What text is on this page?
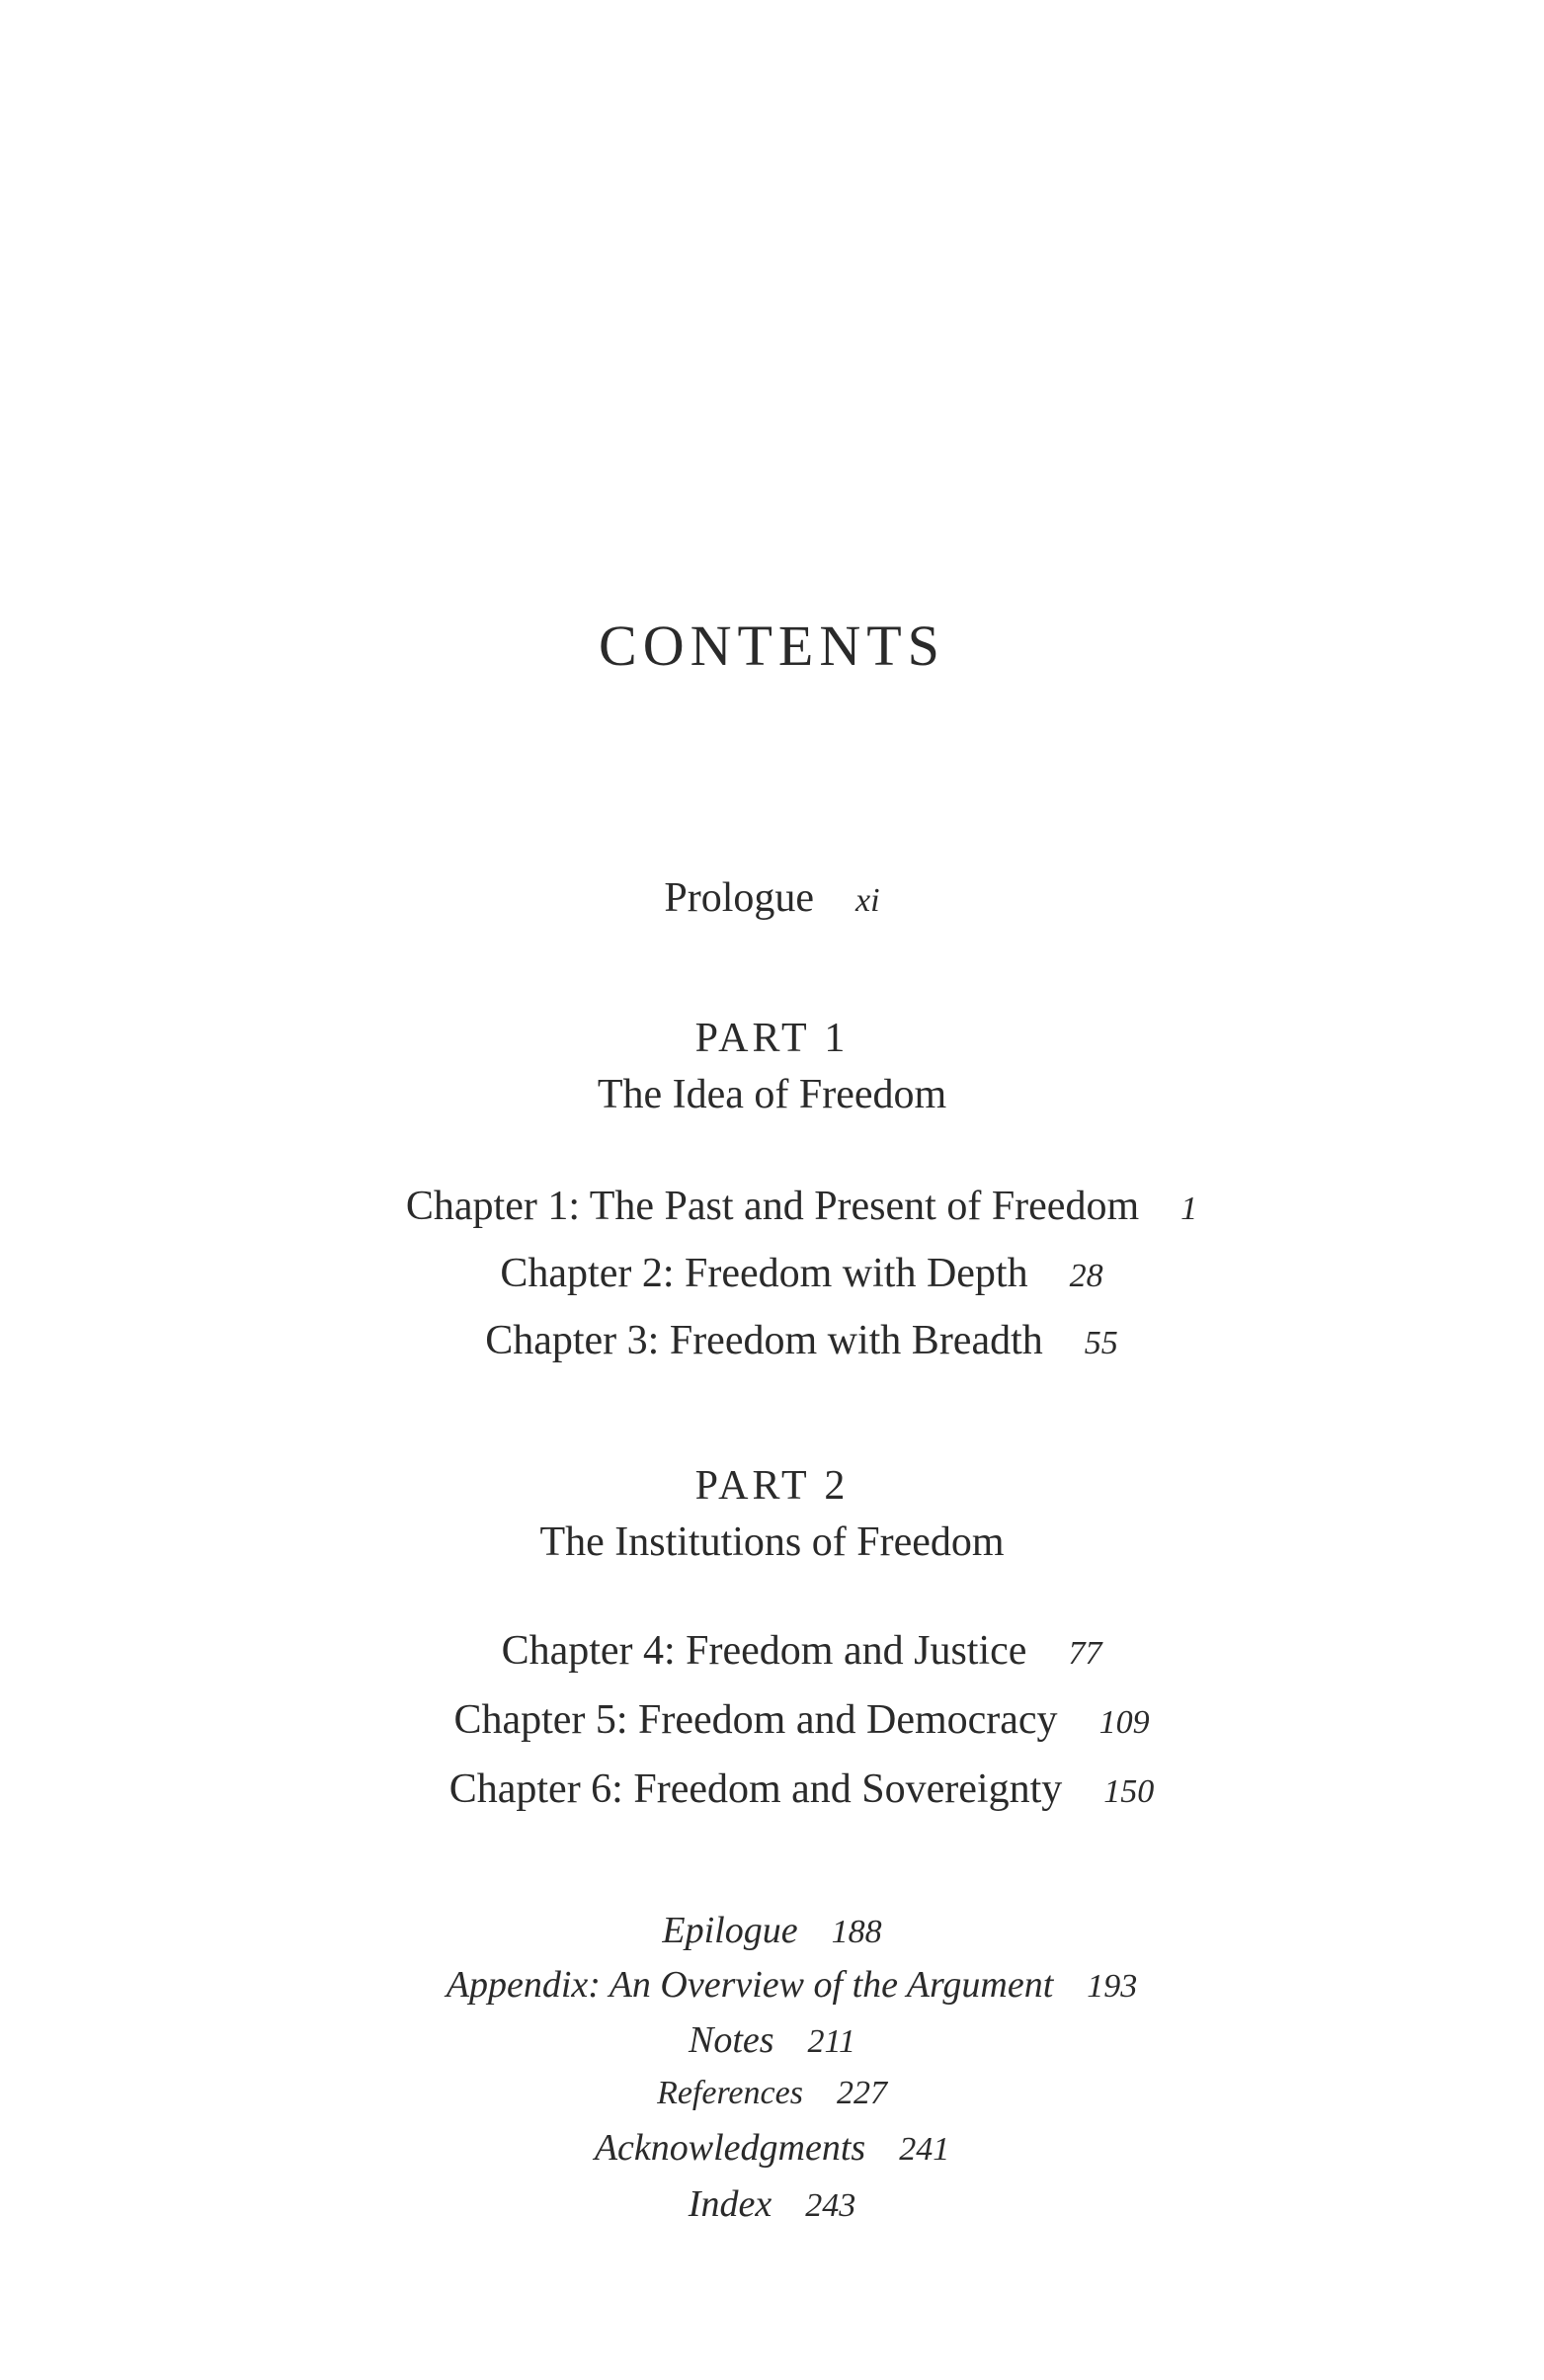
CONTENTS
Prologue xi
PART 1
The Idea of Freedom
Chapter 1: The Past and Present of Freedom 1
Chapter 2: Freedom with Depth 28
Chapter 3: Freedom with Breadth 55
PART 2
The Institutions of Freedom
Chapter 4: Freedom and Justice 77
Chapter 5: Freedom and Democracy 109
Chapter 6: Freedom and Sovereignty 150
Epilogue 188
Appendix: An Overview of the Argument 193
Notes 211
References 227
Acknowledgments 241
Index 243
